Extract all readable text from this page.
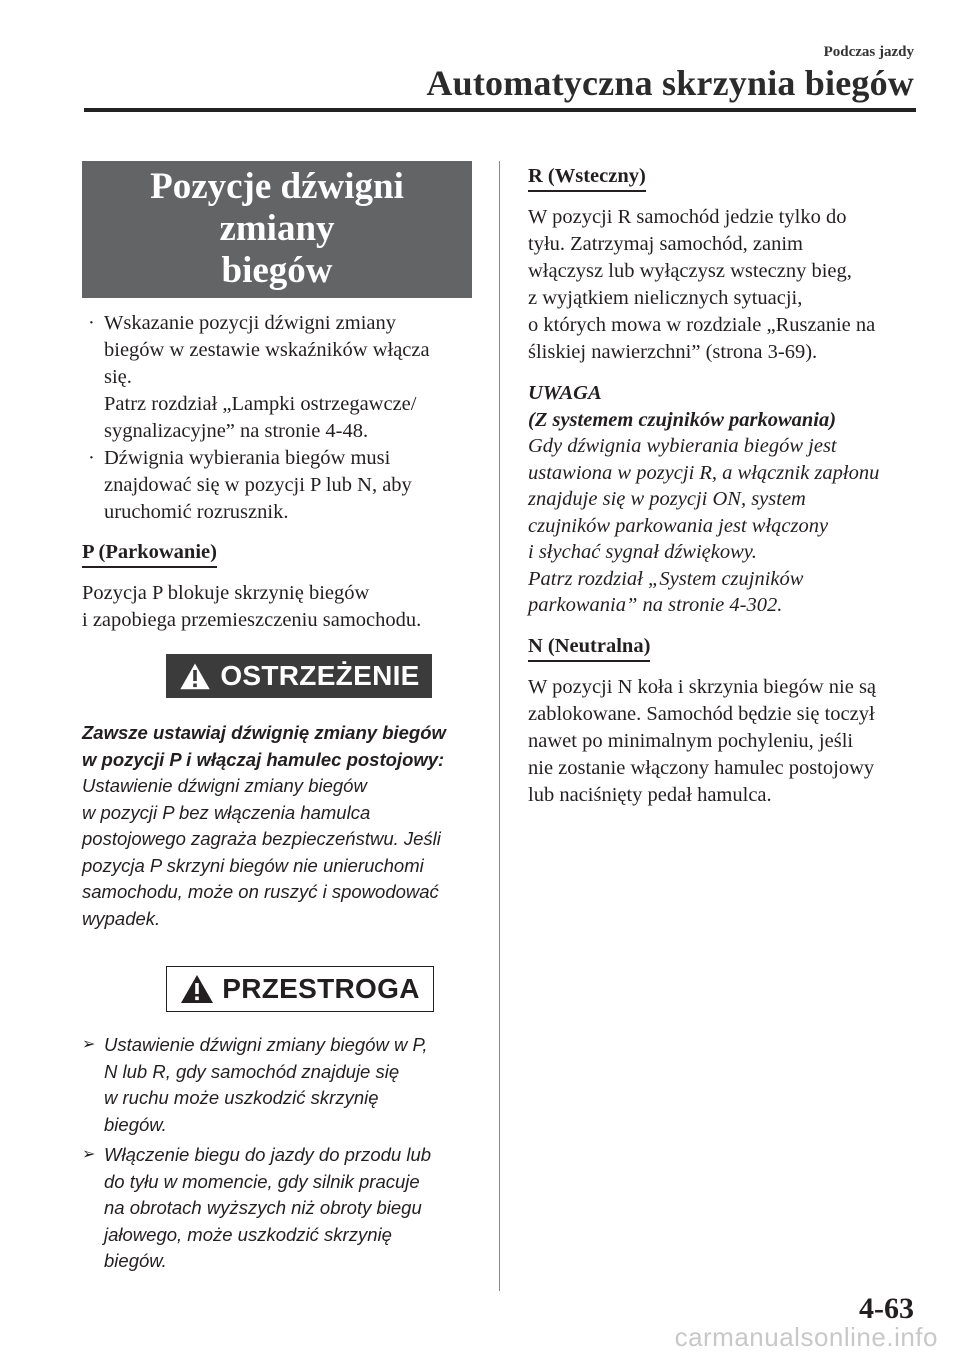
Podczas jazdy
Automatyczna skrzynia biegów
Pozycje dźwigni zmiany
biegów
· Wskazanie pozycji dźwigni zmiany
biegów w zestawie wskaźników włącza
się.
Patrz rozdział „Lampki ostrzegawcze/
sygnalizacyjne” na stronie 4-48.
· Dźwignia wybierania biegów musi
znajdować się w pozycji P lub N, aby
uruchomić rozrusznik.
P (Parkowanie)
Pozycja P blokuje skrzynię biegów
i zapobiega przemieszczeniu samochodu.
OSTRZEŻENIE
Zawsze ustawiaj dźwignię zmiany biegów
w pozycji P i włączaj hamulec postojowy:
Ustawienie dźwigni zmiany biegów
w pozycji P bez włączenia hamulca
postojowego zagraża bezpieczeństwu. Jeśli
pozycja P skrzyni biegów nie unieruchomi
samochodu, może on ruszyć i spowodować
wypadek.
PRZESTROGA
➢ Ustawienie dźwigni zmiany biegów w P,
N lub R, gdy samochód znajduje się
w ruchu może uszkodzić skrzynię
biegów.
➢ Włączenie biegu do jazdy do przodu lub
do tyłu w momencie, gdy silnik pracuje
na obrotach wyższych niż obroty biegu
jałowego, może uszkodzić skrzynię
biegów.
R (Wsteczny)
W pozycji R samochód jedzie tylko do
tyłu. Zatrzymaj samochód, zanim
włączysz lub wyłączysz wsteczny bieg,
z wyjątkiem nielicznych sytuacji,
o których mowa w rozdziale „Ruszanie na
śliskiej nawierzchni” (strona 3-69).
UWAGA
(Z systemem czujników parkowania)
Gdy dźwignia wybierania biegów jest
ustawiona w pozycji R, a włącznik zapłonu
znajduje się w pozycji ON, system
czujników parkowania jest włączony
i słychać sygnał dźwiękowy.
Patrz rozdział „System czujników
parkowania” na stronie 4-302.
N (Neutralna)
W pozycji N koła i skrzynia biegów nie są
zablokowane. Samochód będzie się toczył
nawet po minimalnym pochyleniu, jeśli
nie zostanie włączony hamulec postojowy
lub naciśnięty pedał hamulca.
4-63
carmanualsonline.info
